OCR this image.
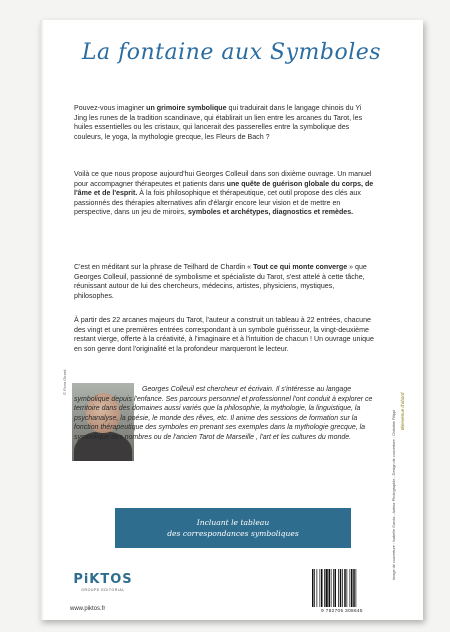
La fontaine aux Symboles

Pouvez-vous imaginer un grimoire symbolique qui traduirait dans le langage chinois du Yi Jing les runes de la tradition scandinave, qui établirait un lien entre les arcanes du Tarot, les huiles essentielles ou les cristaux, qui lancerait des passerelles entre la symbolique des couleurs, le yoga, la mythologie grecque, les Fleurs de Bach ?

Voilà ce que nous propose aujourd'hui Georges Colleuil dans son dixième ouvrage. Un manuel pour accompagner thérapeutes et patients dans une quête de guérison globale du corps, de l'âme et de l'esprit. À la fois philosophique et thérapeutique, cet outil propose des clés aux passionnés des thérapies alternatives afin d'élargir encore leur vision et de mettre en perspective, dans un jeu de miroirs, symboles et archétypes, diagnostics et remèdes.

C'est en méditant sur la phrase de Teilhard de Chardin « Tout ce qui monte converge » que Georges Colleuil, passionné de symbolisme et spécialiste du Tarot, s'est attelé à cette tâche, réunissant autour de lui des chercheurs, médecins, artistes, physiciens, mystiques, philosophes.

À partir des 22 arcanes majeurs du Tarot, l'auteur a construit un tableau à 22 entrées, chacune des vingt et une premières entrées correspondant à un symbole guérisseur, la vingt-deuxième restant vierge, offerte à la créativité, à l'imaginaire et à l'intuition de chacun ! Un ouvrage unique en son genre dont l'originalité et la profondeur marqueront le lecteur.

© Flora Girard	Georges Colleuil est chercheur et écrivain. Il s'intéresse au langage symbolique depuis l'enfance. Ses parcours personnel et professionnel l'ont conduit à explorer ce territoire dans des domaines aussi variés que la philosophie, la mythologie, la linguistique, la psychanalyse, la poésie, le monde des rêves, etc. Il anime des sessions de formation sur la fonction thérapeutique des symboles en prenant ses exemples dans la mythologie grecque, la symbolique des nombres ou de l'ancien Tarot de Marseille , l'art et les cultures du monde.

Incluant le tableau
des correspondances symboliques
PiKTOS
GROUPE EDITORIAL
www.piktos.fr
Bienvenue d'abord
Image de couverture : Isabelle Garcia - Auteur Photographie - Design de couverture : Christine Filippi
9 782705 308645
